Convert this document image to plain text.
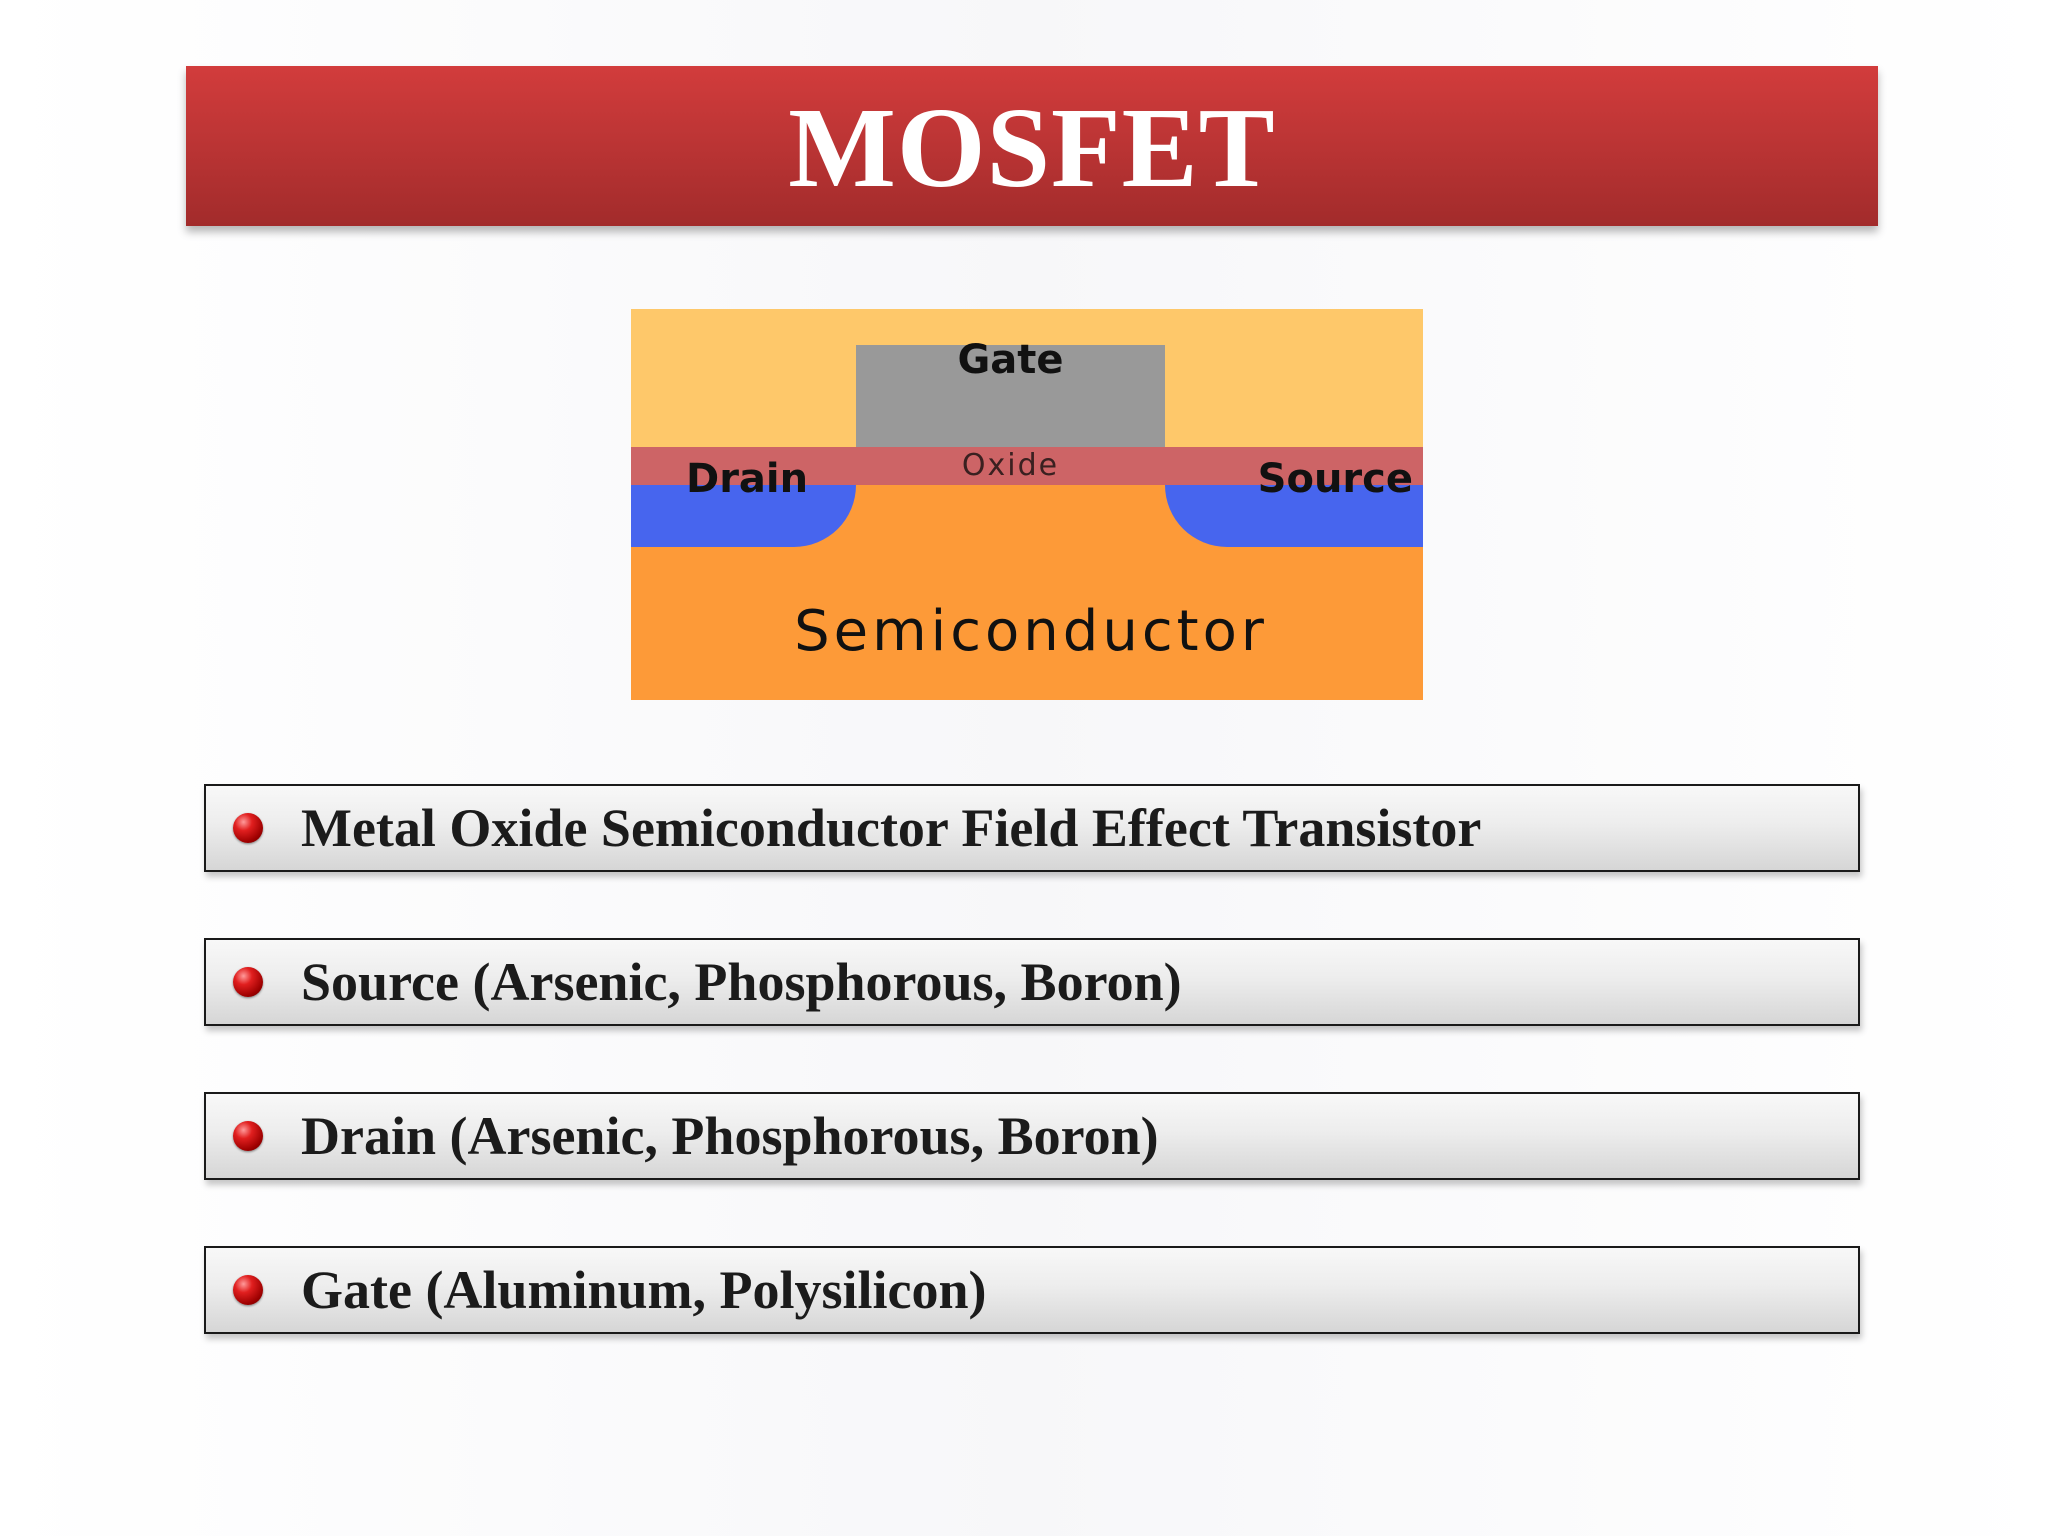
MOSFET
Gate
Oxide
Drain	Source
Semiconductor
Metal Oxide Semiconductor Field Effect Transistor
Source (Arsenic, Phosphorous, Boron)
Drain (Arsenic, Phosphorous, Boron)
Gate (Aluminum, Polysilicon)
